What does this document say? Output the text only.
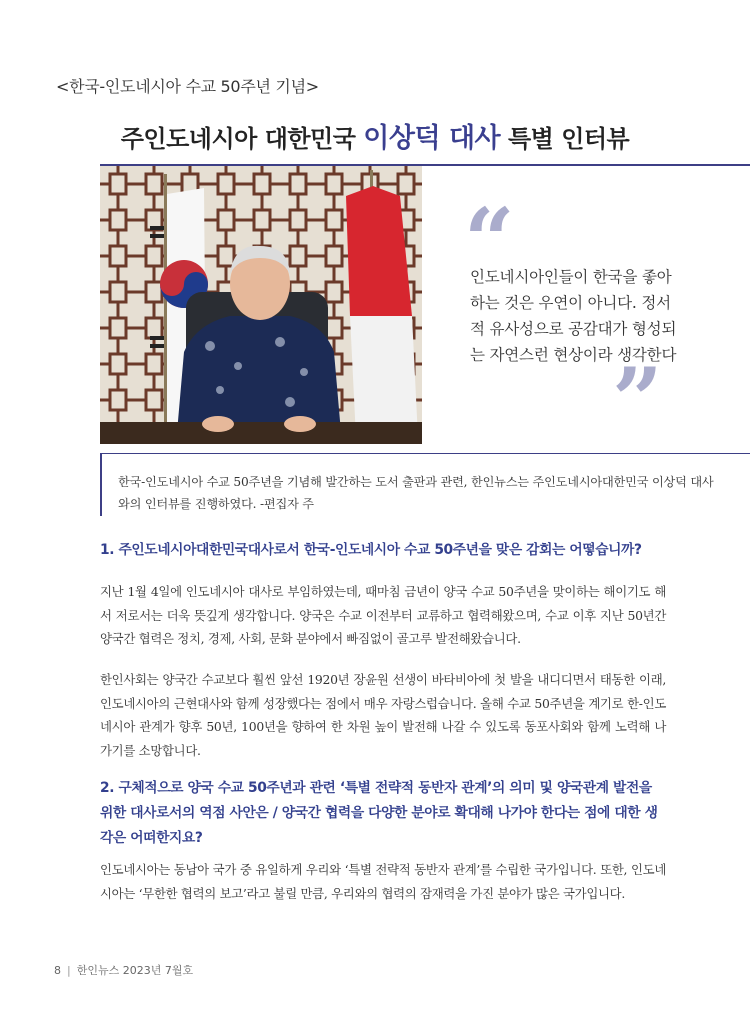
<한국-인도네시아 수교 50주년 기념>
주인도네시아 대한민국 이상덕 대사 특별 인터뷰
“
인도네시아인들이 한국을 좋아하는 것은 우연이 아니다. 정서적 유사성으로 공감대가 형성되는 자연스런 현상이라 생각한다
”
한국-인도네시아 수교 50주년을 기념해 발간하는 도서 출판과 관련, 한인뉴스는 주인도네시아대한민국 이상덕 대사와의 인터뷰를 진행하였다. -편집자 주
1. 주인도네시아대한민국대사로서 한국-인도네시아 수교 50주년을 맞은 감회는 어떻습니까?
지난 1월 4일에 인도네시아 대사로 부임하였는데, 때마침 금년이 양국 수교 50주년을 맞이하는 해이기도 해서 저로서는 더욱 뜻깊게 생각합니다. 양국은 수교 이전부터 교류하고 협력해왔으며, 수교 이후 지난 50년간 양국간 협력은 정치, 경제, 사회, 문화 분야에서 빠짐없이 골고루 발전해왔습니다.
한인사회는 양국간 수교보다 훨씬 앞선 1920년 장윤원 선생이 바타비아에 첫 발을 내디디면서 태동한 이래, 인도네시아의 근현대사와 함께 성장했다는 점에서 매우 자랑스럽습니다. 올해 수교 50주년을 계기로 한-인도네시아 관계가 향후 50년, 100년을 향하여 한 차원 높이 발전해 나갈 수 있도록 동포사회와 함께 노력해 나가기를 소망합니다.
2. 구체적으로 양국 수교 50주년과 관련 ‘특별 전략적 동반자 관계’의 의미 및 양국관계 발전을 위한 대사로서의 역점 사안은 / 양국간 협력을 다양한 분야로 확대해 나가야 한다는 점에 대한 생각은 어떠한지요?
인도네시아는 동남아 국가 중 유일하게 우리와 ‘특별 전략적 동반자 관계’를 수립한 국가입니다. 또한, 인도네시아는 ‘무한한 협력의 보고’라고 불릴 만큼, 우리와의 협력의 잠재력을 가진 분야가 많은 국가입니다.
8 | 한인뉴스 2023년 7월호
